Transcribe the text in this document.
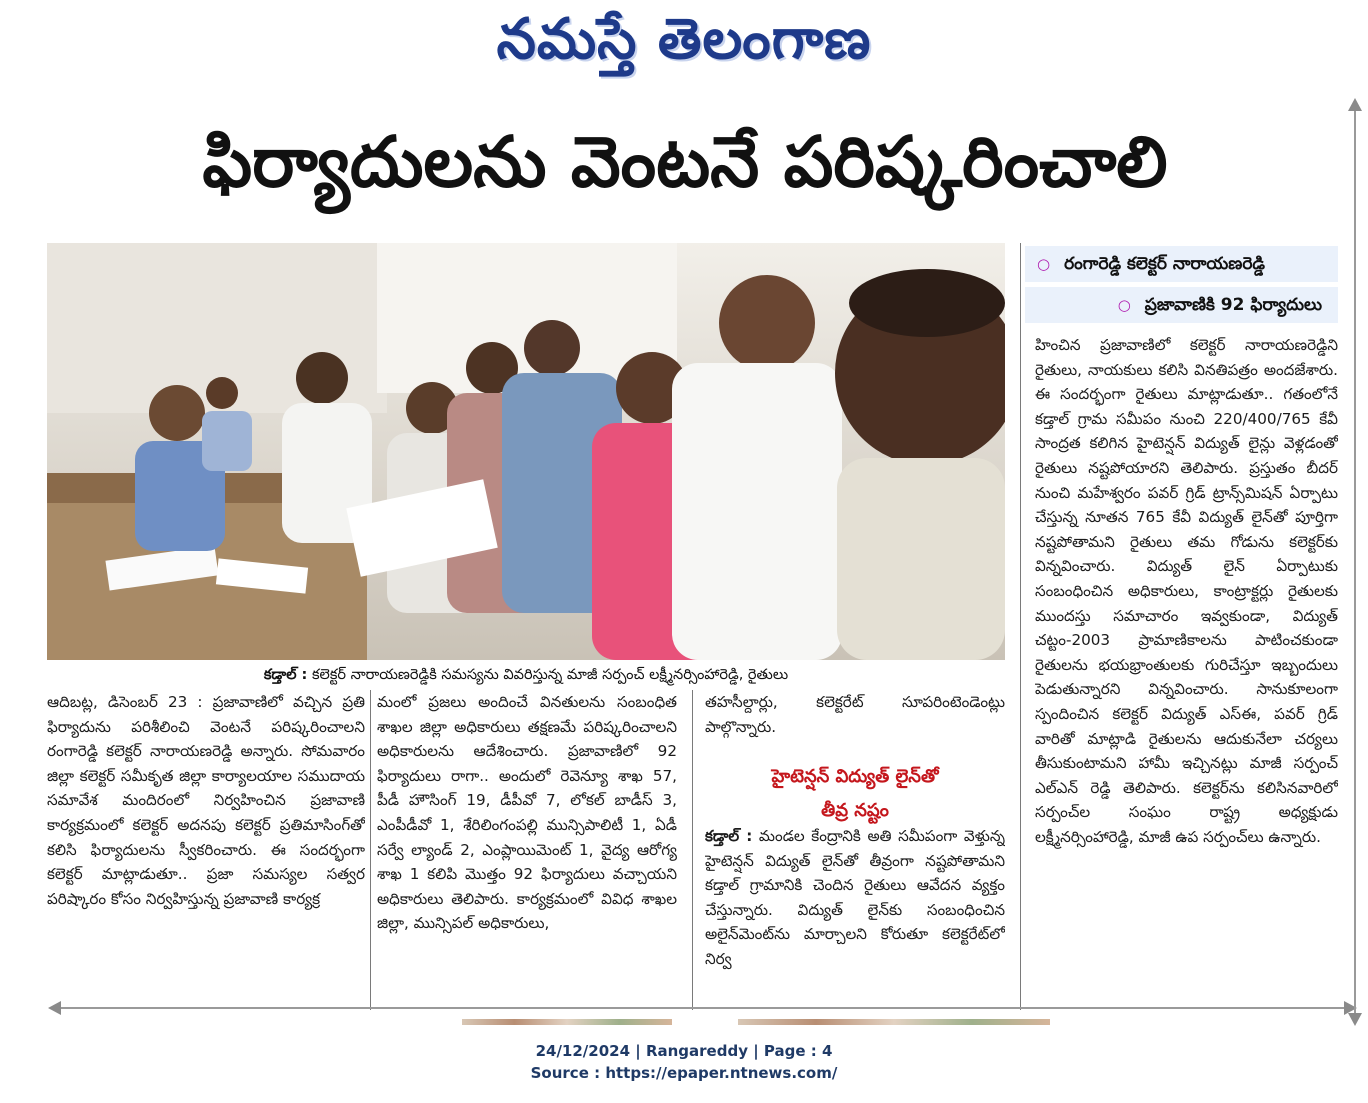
నమస్తే తెలంగాణ
ఫిర్యాదులను వెంటనే పరిష్కరించాలి
కడ్తాల్ : కలెక్టర్ నారాయణరెడ్డికి సమస్యను వివరిస్తున్న మాజీ సర్పంచ్ లక్ష్మీనర్సింహారెడ్డి, రైతులు
○ రంగారెడ్డి కలెక్టర్ నారాయణరెడ్డి
○ ప్రజావాణికి 92 ఫిర్యాదులు

ఆదిబట్ల, డిసెంబర్ 23 : ప్రజావాణిలో వచ్చిన ప్రతి ఫిర్యాదును పరిశీలించి వెంటనే పరిష్కరించాలని రంగారెడ్డి కలెక్టర్ నారాయణరెడ్డి అన్నారు. సోమవారం జిల్లా కలెక్టర్ సమీకృత జిల్లా కార్యాలయాల సముదాయ సమావేశ మందిరంలో నిర్వహించిన ప్రజావాణి కార్యక్రమంలో కలెక్టర్ అదనపు కలెక్టర్ ప్రతిమాసింగ్‌తో కలిసి ఫిర్యాదులను స్వీకరించారు. ఈ సందర్భంగా కలెక్టర్ మాట్లాడుతూ.. ప్రజా సమస్యల సత్వర పరిష్కారం కోసం నిర్వహిస్తున్న ప్రజావాణి కార్యక్ర

మంలో ప్రజలు అందించే వినతులను సంబంధిత శాఖల జిల్లా అధికారులు తక్షణమే పరిష్కరించాలని అధికారులను ఆదేశించారు. ప్రజావాణిలో 92 ఫిర్యాదులు రాగా.. అందులో రెవెన్యూ శాఖ 57, పీడీ హౌసింగ్ 19, డీపీవో 7, లోకల్ బాడీస్ 3, ఎంపీడీవో 1, శేరిలింగంపల్లి మున్సిపాలిటీ 1, ఏడీ సర్వే ల్యాండ్ 2, ఎంప్లాయిమెంట్ 1, వైద్య ఆరోగ్య శాఖ 1 కలిపి మొత్తం 92 ఫిర్యాదులు వచ్చాయని అధికారులు తెలిపారు. కార్యక్రమంలో వివిధ శాఖల జిల్లా, మున్సిపల్ అధికారులు,

తహసీల్దార్లు, కలెక్టరేట్ సూపరింటెండెంట్లు పాల్గొన్నారు.

హైటెన్షన్ విద్యుత్ లైన్‌తో
తీవ్ర నష్టం

కడ్తాల్ : మండల కేంద్రానికి అతి సమీపంగా వెళ్తున్న హైటెన్షన్ విద్యుత్ లైన్‌తో తీవ్రంగా నష్టపోతామని కడ్తాల్ గ్రామానికి చెందిన రైతులు ఆవేదన వ్యక్తం చేస్తున్నారు. విద్యుత్ లైన్‌కు సంబంధించిన అలైన్‌మెంట్‌ను మార్చాలని కోరుతూ కలెక్టరేట్‌లో నిర్వ

హించిన ప్రజావాణిలో కలెక్టర్ నారాయణరెడ్డిని రైతులు, నాయకులు కలిసి వినతిపత్రం అందజేశారు. ఈ సందర్భంగా రైతులు మాట్లాడుతూ.. గతంలోనే కడ్తాల్ గ్రామ సమీపం నుంచి 220/400/765 కేవీ సాంద్రత కలిగిన హైటెన్షన్ విద్యుత్ లైన్లు వెళ్లడంతో రైతులు నష్టపోయారని తెలిపారు. ప్రస్తుతం బీదర్ నుంచి మహేశ్వరం పవర్ గ్రిడ్ ట్రాన్స్‌మిషన్ ఏర్పాటు చేస్తున్న నూతన 765 కేవీ విద్యుత్ లైన్‌తో పూర్తిగా నష్టపోతామని రైతులు తమ గోడును కలెక్టర్‌కు విన్నవించారు. విద్యుత్ లైన్ ఏర్పాటుకు సంబంధించిన అధికారులు, కాంట్రాక్టర్లు రైతులకు ముందస్తు సమాచారం ఇవ్వకుండా, విద్యుత్ చట్టం-2003 ప్రామాణికాలను పాటించకుండా రైతులను భయభ్రాంతులకు గురిచేస్తూ ఇబ్బందులు పెడుతున్నారని విన్నవించారు. సానుకూలంగా స్పందించిన కలెక్టర్ విద్యుత్ ఎస్ఈ, పవర్ గ్రిడ్ వారితో మాట్లాడి రైతులను ఆదుకునేలా చర్యలు తీసుకుంటామని హామీ ఇచ్చినట్లు మాజీ సర్పంచ్ ఎల్ఎన్ రెడ్డి తెలిపారు. కలెక్టర్‌ను కలిసినవారిలో సర్పంచ్‌ల సంఘం రాష్ట్ర అధ్యక్షుడు లక్ష్మీనర్సింహారెడ్డి, మాజీ ఉప సర్పంచ్‌లు ఉన్నారు.

24/12/2024 | Rangareddy | Page : 4
Source : https://epaper.ntnews.com/
